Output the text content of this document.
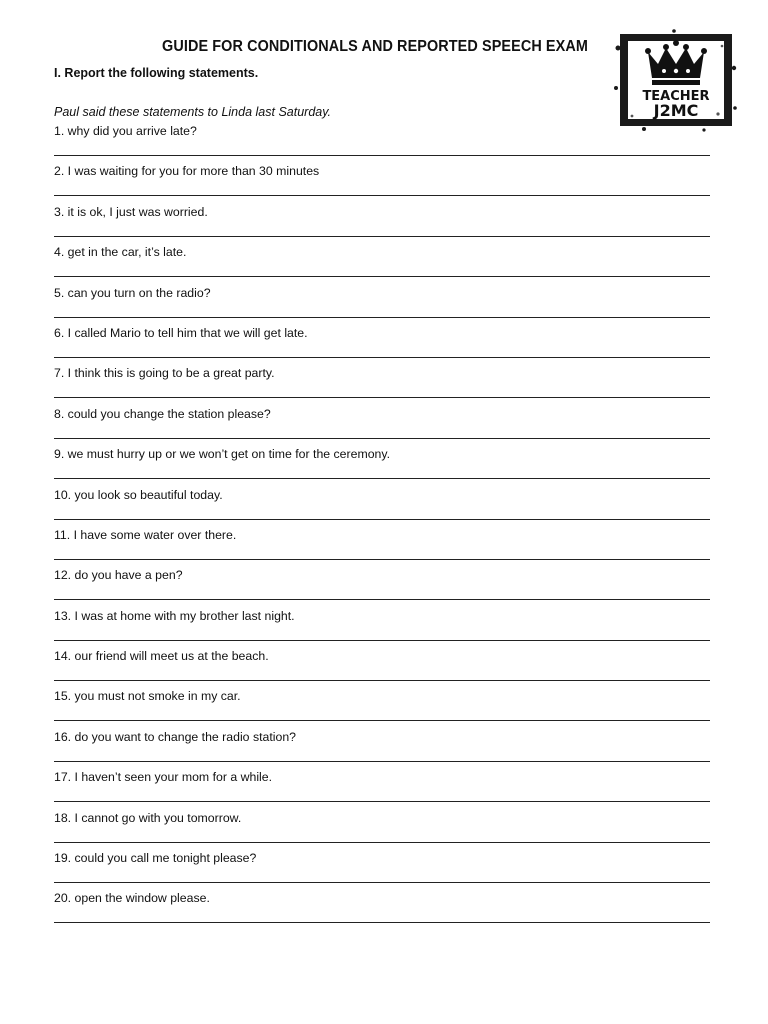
GUIDE FOR CONDITIONALS AND REPORTED SPEECH EXAM
I. Report the following statements.
Paul said these statements to Linda last Saturday.
TEACHER
J2MC
1. why did you arrive late?
2. I was waiting for you for more than 30 minutes
3. it is ok, I just was worried.
4. get in the car, it’s late.
5. can you turn on the radio?
6. I called Mario to tell him that we will get late.
7. I think this is going to be a great party.
8. could you change the station please?
9. we must hurry up or we won’t get on time for the ceremony.
10. you look so beautiful today.
11. I have some water over there.
12. do you have a pen?
13. I was at home with my brother last night.
14. our friend will meet us at the beach.
15. you must not smoke in my car.
16. do you want to change the radio station?
17. I haven’t seen your mom for a while.
18. I cannot go with you tomorrow.
19. could you call me tonight please?
20. open the window please.
